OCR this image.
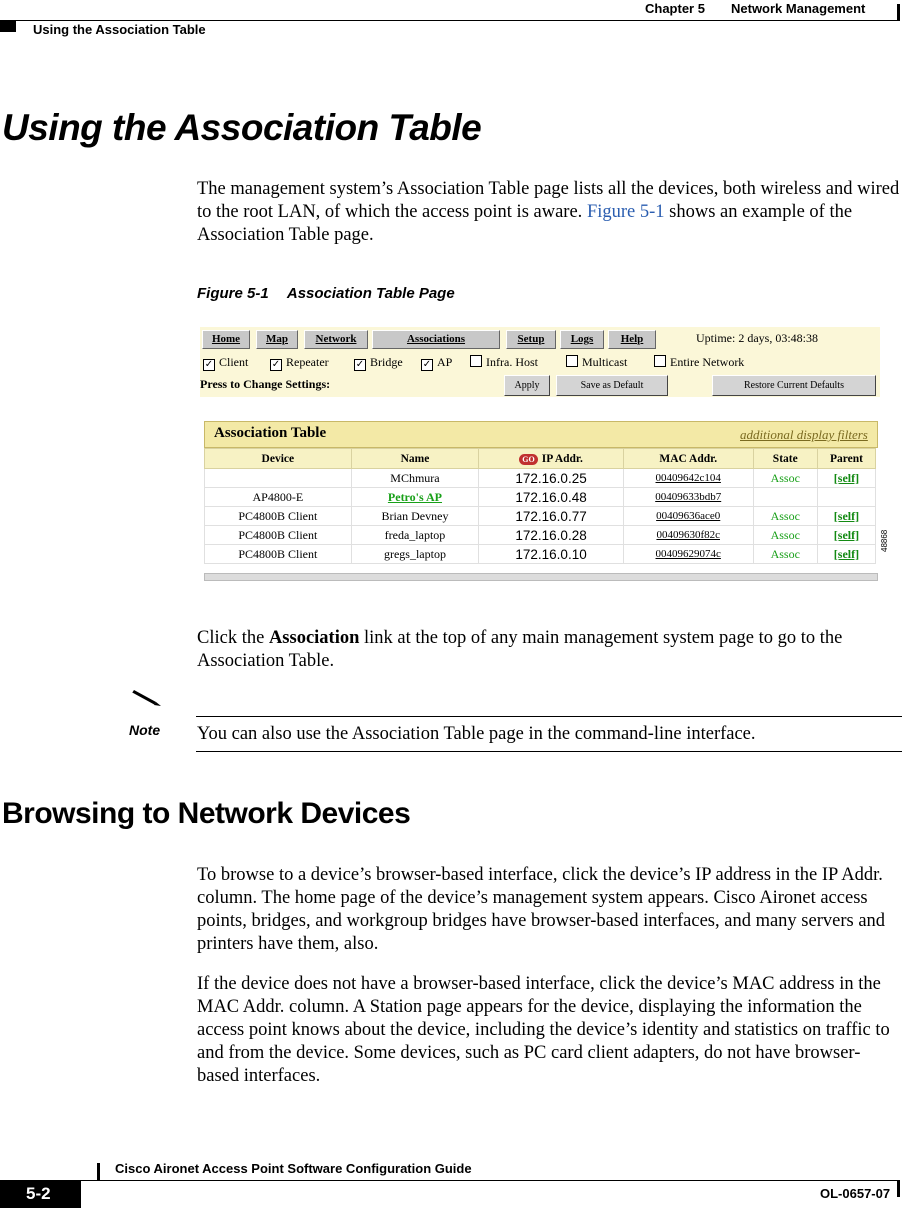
Chapter 5 Network Management
Using the Association Table
Using the Association Table
The management system’s Association Table page lists all the devices, both wireless and wired to the root LAN, of which the access point is aware. Figure 5-1 shows an example of the Association Table page.
Figure 5-1 Association Table Page
Home	Map	Network	Associations	Setup	Logs	Help	Uptime: 2 days, 03:48:38
✓ Client ✓ Repeater	✓ Bridge ✓ AP	Infra. Host	Multicast	Entire Network
Press to Change Settings:	Apply	Save as Default	Restore Current Defaults
Association Table	additional display filters
Device	Name	GO IP Addr.	MAC Addr.	State	Parent
	MChmura	172.16.0.25	00409642c104	Assoc	[self]
AP4800-E	Petro's AP	172.16.0.48	00409633bdb7		
PC4800B Client	Brian Devney	172.16.0.77	00409636ace0	Assoc	[self]
PC4800B Client	freda_laptop	172.16.0.28	00409630f82c	Assoc	[self]
PC4800B Client	gregs_laptop	172.16.0.10	00409629074c	Assoc	[self]
48868
Click the Association link at the top of any main management system page to go to the Association Table.
Note You can also use the Association Table page in the command-line interface.
Browsing to Network Devices
To browse to a device’s browser-based interface, click the device’s IP address in the IP Addr. column. The home page of the device’s management system appears. Cisco Aironet access points, bridges, and workgroup bridges have browser-based interfaces, and many servers and printers have them, also.
If the device does not have a browser-based interface, click the device’s MAC address in the MAC Addr. column. A Station page appears for the device, displaying the information the access point knows about the device, including the device’s identity and statistics on traffic to and from the device. Some devices, such as PC card client adapters, do not have browser-based interfaces.
Cisco Aironet Access Point Software Configuration Guide
5-2	OL-0657-07
